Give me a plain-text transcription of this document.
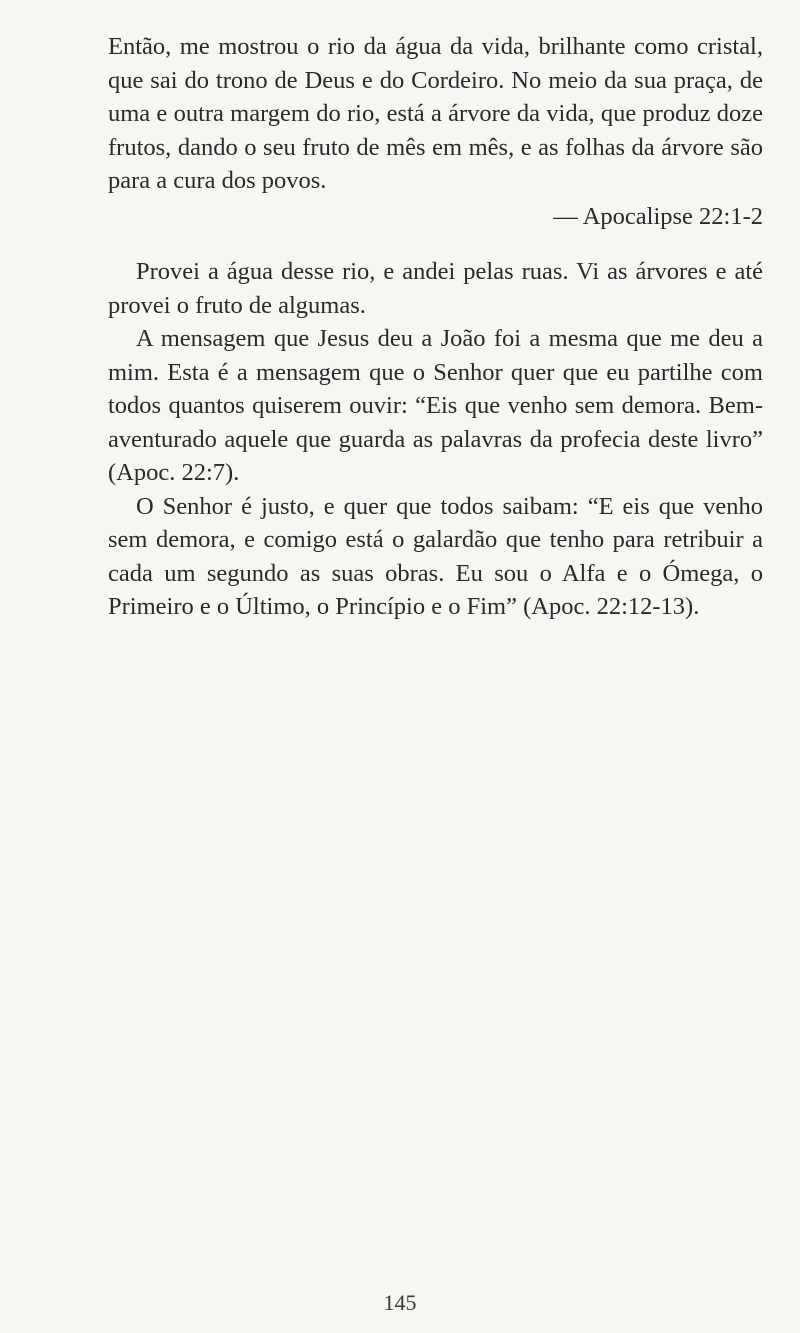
Então, me mostrou o rio da água da vida, brilhante como cristal, que sai do trono de Deus e do Cordeiro. No meio da sua praça, de uma e outra margem do rio, está a árvore da vida, que produz doze frutos, dando o seu fruto de mês em mês, e as folhas da árvore são para a cura dos povos.

— Apocalipse 22:1-2

Provei a água desse rio, e andei pelas ruas. Vi as árvores e até provei o fruto de algumas.

A mensagem que Jesus deu a João foi a mesma que me deu a mim. Esta é a mensagem que o Senhor quer que eu partilhe com todos quantos quiserem ouvir: “Eis que venho sem demora. Bem-aventurado aquele que guarda as palavras da profecia deste livro” (Apoc. 22:7).

O Senhor é justo, e quer que todos saibam: “E eis que venho sem demora, e comigo está o galardão que tenho para retribuir a cada um segundo as suas obras. Eu sou o Alfa e o Ómega, o Primeiro e o Último, o Princípio e o Fim” (Apoc. 22:12-13).

145
